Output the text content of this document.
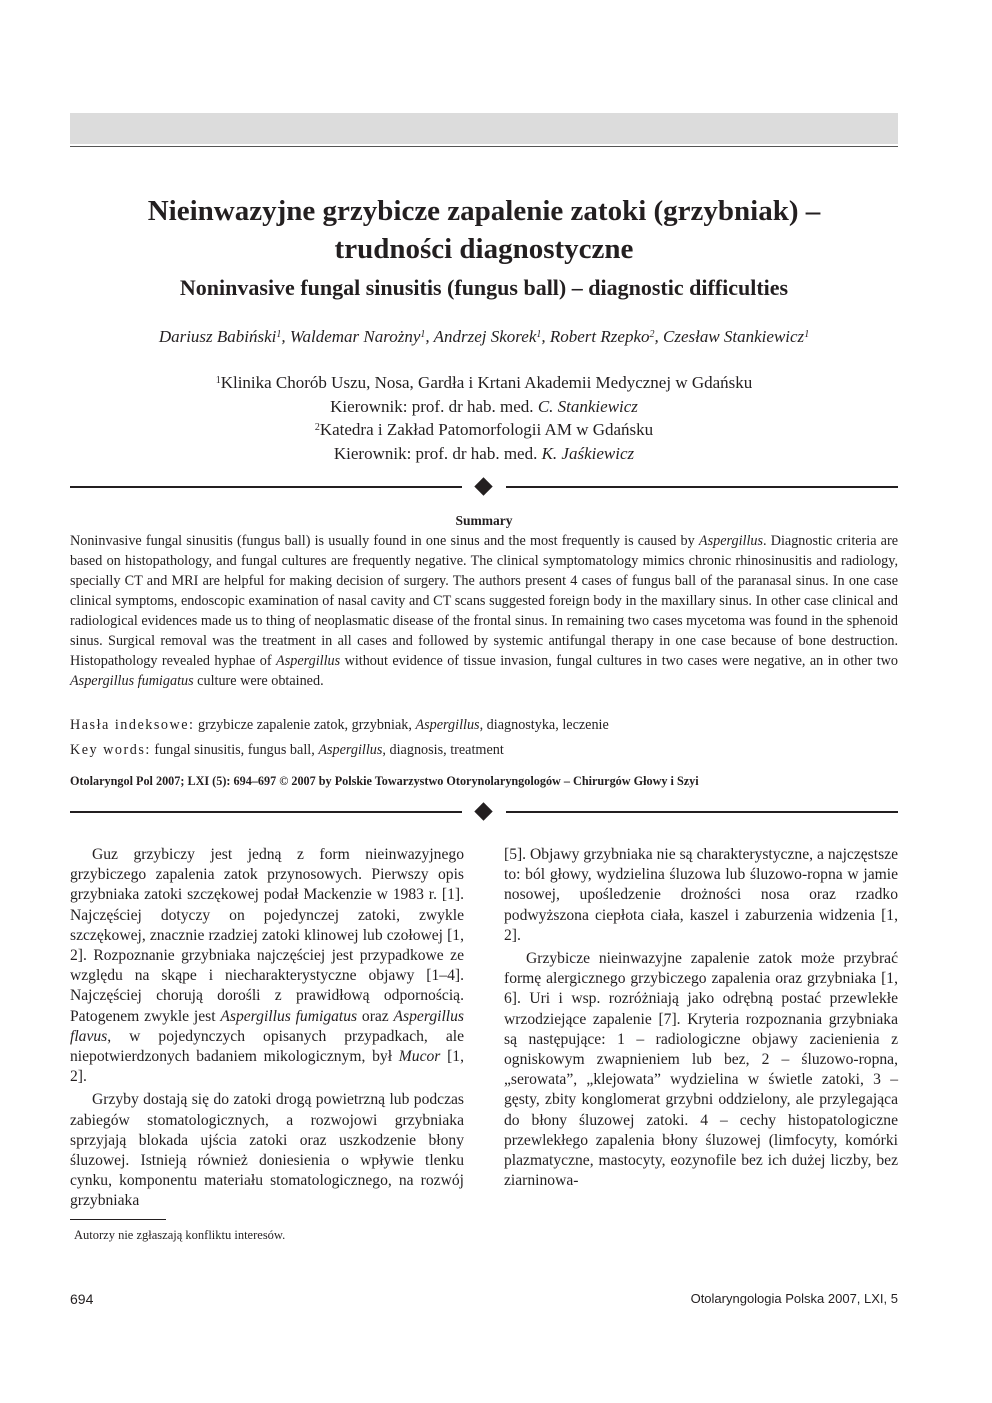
Nieinwazyjne grzybicze zapalenie zatoki (grzybniak) –
trudności diagnostyczne
Noninvasive fungal sinusitis (fungus ball) – diagnostic difficulties
Dariusz Babiński$^1$, Waldemar Narożny$^1$, Andrzej Skorek$^1$, Robert Rzepko$^2$, Czesław Stankiewicz$^1$
$^1$Klinika Chorób Uszu, Nosa, Gardła i Krtani Akademii Medycznej w Gdańsku
Kierownik: prof. dr hab. med. C. Stankiewicz
$^2$Katedra i Zakład Patomorfologii AM w Gdańsku
Kierownik: prof. dr hab. med. K. Jaśkiewicz
Summary

Noninvasive fungal sinusitis (fungus ball) is usually found in one sinus and the most frequently is caused by Aspergillus. Diagnostic criteria are based on histopathology, and fungal cultures are frequently negative. The clinical symptomatology mimics chronic rhinosinusitis and radiology, specially CT and MRI are helpful for making decision of surgery. The authors present 4 cases of fungus ball of the paranasal sinus. In one case clinical symptoms, endoscopic examination of nasal cavity and CT scans suggested foreign body in the maxillary sinus. In other case clinical and radiological evidences made us to thing of neoplasmatic disease of the frontal sinus. In remaining two cases mycetoma was found in the sphenoid sinus. Surgical removal was the treatment in all cases and followed by systemic antifungal therapy in one case because of bone destruction. Histopathology revealed hyphae of Aspergillus without evidence of tissue invasion, fungal cultures in two cases were negative, an in other two Aspergillus fumigatus culture were obtained.

Hasła indeksowe: grzybicze zapalenie zatok, grzybniak, Aspergillus, diagnostyka, leczenie
Key words: fungal sinusitis, fungus ball, Aspergillus, diagnosis, treatment
Otolaryngol Pol 2007; LXI (5): 694–697 © 2007 by Polskie Towarzystwo Otorynolaryngologów – Chirurgów Głowy i Szyi

Guz grzybiczy jest jedną z form nieinwazyjnego grzybiczego zapalenia zatok przynosowych. Pierwszy opis grzybniaka zatoki szczękowej podał Mackenzie w 1983 r. [1]. Najczęściej dotyczy on pojedynczej zatoki, zwykle szczękowej, znacznie rzadziej zatoki klinowej lub czołowej [1, 2]. Rozpoznanie grzybniaka najczęściej jest przypadkowe ze względu na skąpe i niecharakterystyczne objawy [1–4]. Najczęściej chorują dorośli z prawidłową odpornością. Patogenem zwykle jest Aspergillus fumigatus oraz Aspergillus flavus, w pojedynczych opisanych przypadkach, ale niepotwierdzonych badaniem mikologicznym, był Mucor [1, 2].

Grzyby dostają się do zatoki drogą powietrzną lub podczas zabiegów stomatologicznych, a rozwojowi grzybniaka sprzyjają blokada ujścia zatoki oraz uszkodzenie błony śluzowej. Istnieją również doniesienia o wpływie tlenku cynku, komponentu materiału stomatologicznego, na rozwój grzybniaka

[5]. Objawy grzybniaka nie są charakterystyczne, a najczęstsze to: ból głowy, wydzielina śluzowa lub śluzowo-ropna w jamie nosowej, upośledzenie drożności nosa oraz rzadko podwyższona ciepłota ciała, kaszel i zaburzenia widzenia [1, 2].

Grzybicze nieinwazyjne zapalenie zatok może przybrać formę alergicznego grzybiczego zapalenia oraz grzybniaka [1, 6]. Uri i wsp. rozróżniają jako odrębną postać przewlekłe wrzodziejące zapalenie [7]. Kryteria rozpoznania grzybniaka są następujące: 1 – radiologiczne objawy zacienienia z ogniskowym zwapnieniem lub bez, 2 – śluzowo-ropna, „serowata”, „klejowata” wydzielina w świetle zatoki, 3 – gęsty, zbity konglomerat grzybni oddzielony, ale przylegająca do błony śluzowej zatoki. 4 – cechy histopatologiczne przewlekłego zapalenia błony śluzowej (limfocyty, komórki plazmatyczne, mastocyty, eozynofile bez ich dużej liczby, bez ziarninowa-

Autorzy nie zgłaszają konfliktu interesów.
694	Otolaryngologia Polska 2007, LXI, 5
